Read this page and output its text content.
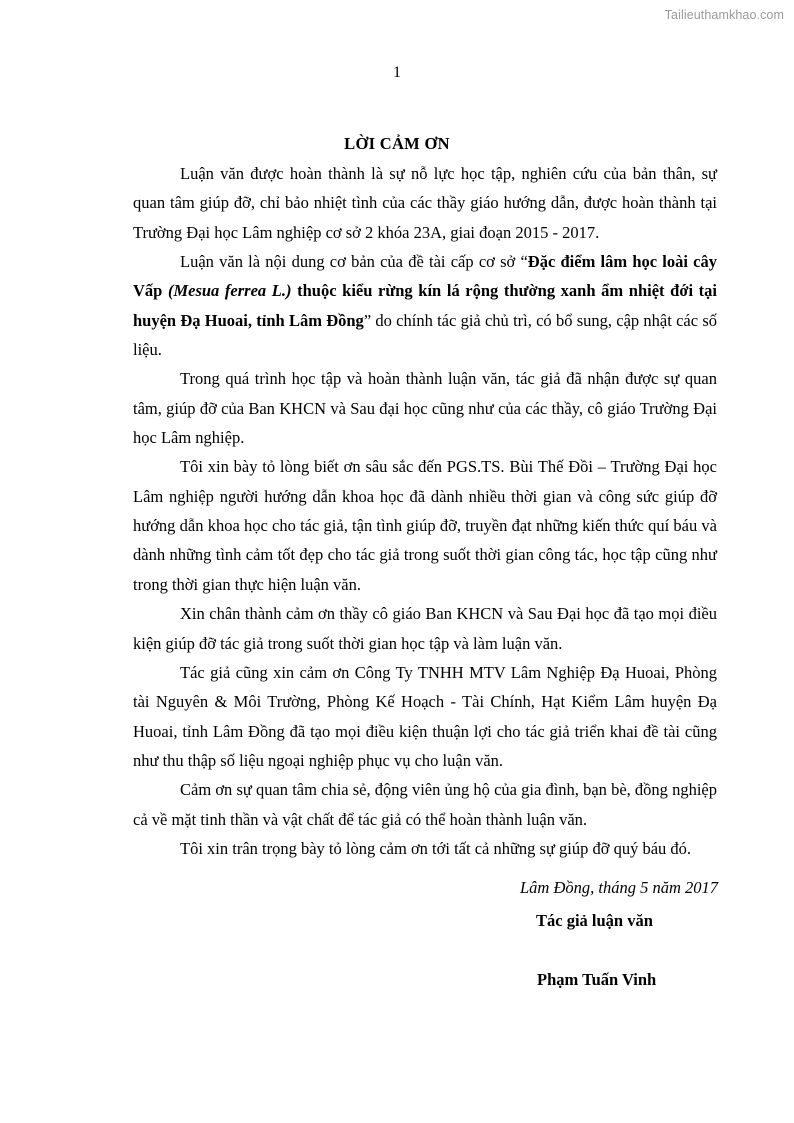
Tailieuthamkhao.com
1
LỜI CẢM ƠN

Luận văn được hoàn thành là sự nỗ lực học tập, nghiên cứu của bản thân, sự quan tâm giúp đỡ, chỉ bảo nhiệt tình của các thầy giáo hướng dẫn, được hoàn thành tại Trường Đại học Lâm nghiệp cơ sở 2 khóa 23A, giai đoạn 2015 - 2017.

Luận văn là nội dung cơ bản của đề tài cấp cơ sở “Đặc điểm lâm học loài cây Vấp (Mesua ferrea L.) thuộc kiểu rừng kín lá rộng thường xanh ẩm nhiệt đới tại huyện Đạ Huoai, tỉnh Lâm Đồng” do chính tác giả chủ trì, có bổ sung, cập nhật các số liệu.

Trong quá trình học tập và hoàn thành luận văn, tác giả đã nhận được sự quan tâm, giúp đỡ của Ban KHCN và Sau đại học cũng như của các thầy, cô giáo Trường Đại học Lâm nghiệp.

Tôi xin bày tỏ lòng biết ơn sâu sắc đến PGS.TS. Bùi Thế Đồi – Trường Đại học Lâm nghiệp người hướng dẫn khoa học đã dành nhiều thời gian và công sức giúp đỡ hướng dẫn khoa học cho tác giả, tận tình giúp đỡ, truyền đạt những kiến thức quí báu và dành những tình cảm tốt đẹp cho tác giả trong suốt thời gian công tác, học tập cũng như trong thời gian thực hiện luận văn.

Xin chân thành cảm ơn thầy cô giáo Ban KHCN và Sau Đại học đã tạo mọi điều kiện giúp đỡ tác giả trong suốt thời gian học tập và làm luận văn.

Tác giả cũng xin cảm ơn Công Ty TNHH MTV Lâm Nghiệp Đạ Huoai, Phòng tài Nguyên & Môi Trường, Phòng Kế Hoạch - Tài Chính, Hạt Kiểm Lâm huyện Đạ Huoai, tỉnh Lâm Đồng đã tạo mọi điều kiện thuận lợi cho tác giả triển khai đề tài cũng như thu thập số liệu ngoại nghiệp phục vụ cho luận văn.

Cảm ơn sự quan tâm chia sẻ, động viên ủng hộ của gia đình, bạn bè, đồng nghiệp cả về mặt tinh thần và vật chất để tác giả có thể hoàn thành luận văn.

Tôi xin trân trọng bày tỏ lòng cảm ơn tới tất cả những sự giúp đỡ quý báu đó.

Lâm Đồng, tháng 5 năm 2017
Tác giả luận văn
Phạm Tuấn Vinh
